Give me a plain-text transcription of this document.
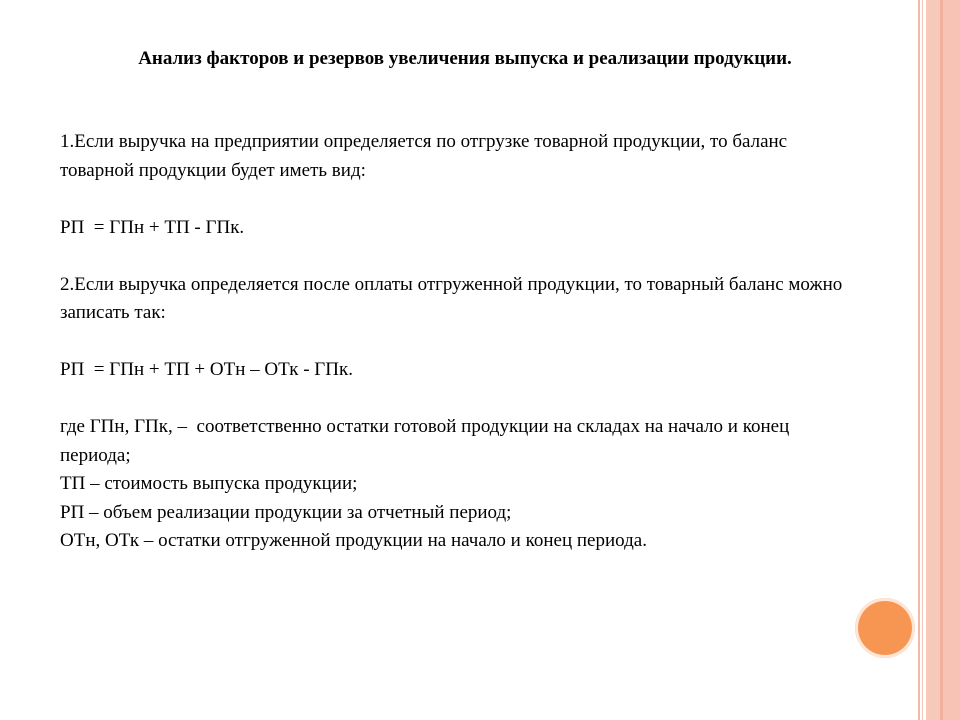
Анализ факторов и резервов увеличения выпуска и реализации продукции.

1.Если выручка на предприятии определяется по отгрузке товарной продукции, то баланс товарной продукции будет иметь вид:

РП  = ГПн + ТП - ГПк.

2.Если выручка определяется после оплаты отгруженной продукции, то товарный баланс можно записать так:

РП  = ГПн + ТП + ОТн – ОТк - ГПк.

где ГПн, ГПк, –  соответственно остатки готовой продукции на складах на начало и конец периода;

ТП – стоимость выпуска продукции;

РП – объем реализации продукции за отчетный период;

ОТн, ОТк – остатки отгруженной продукции на начало и конец периода.
